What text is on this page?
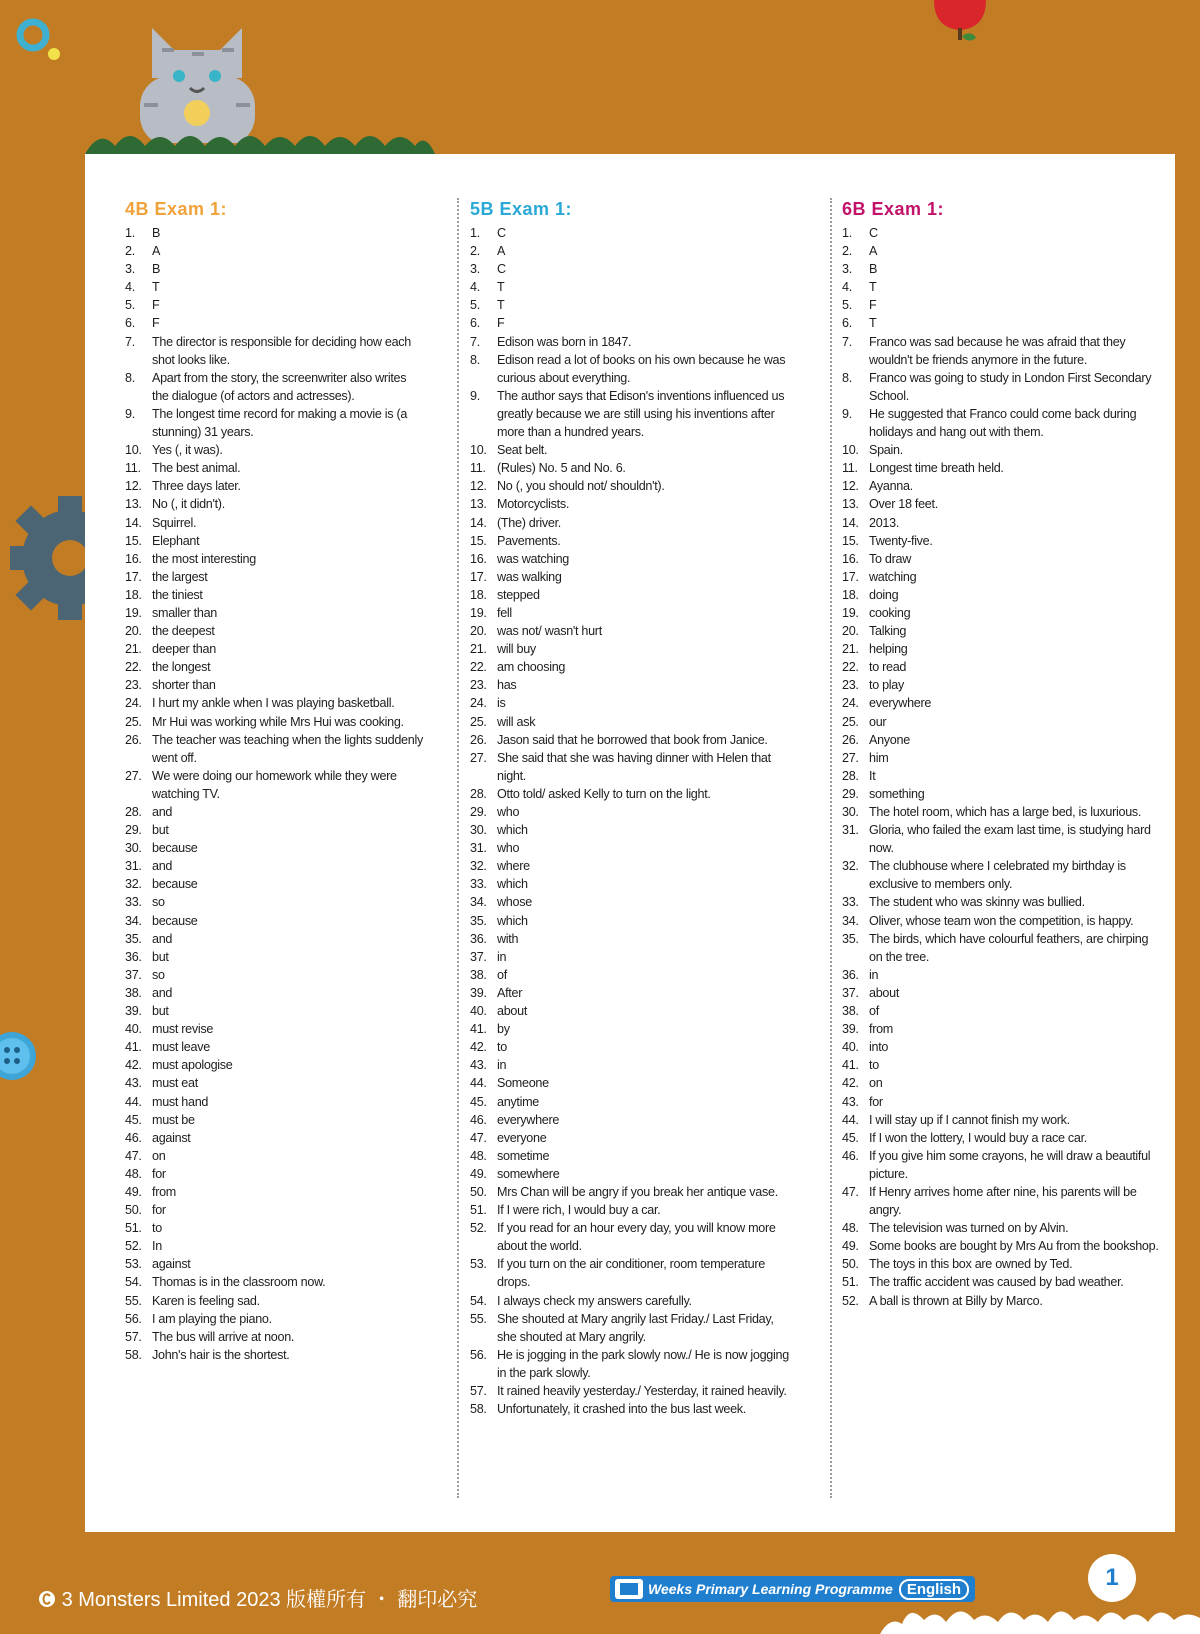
4B Exam 1:
1.	B
2.	A
3.	B
4.	T
5.	F
6.	F
7.	The director is responsible for deciding how each shot looks like.
8.	Apart from the story, the screenwriter also writes the dialogue (of actors and actresses).
9.	The longest time record for making a movie is (a stunning) 31 years.
10. Yes (, it was).
11. The best animal.
12. Three days later.
13. No (, it didn't).
14. Squirrel.
15. Elephant
16. the most interesting
17. the largest
18. the tiniest
19. smaller than
20. the deepest
21. deeper than
22. the longest
23. shorter than
24. I hurt my ankle when I was playing basketball.
25. Mr Hui was working while Mrs Hui was cooking.
26. The teacher was teaching when the lights suddenly went off.
27. We were doing our homework while they were watching TV.
28. and
29. but
30. because
31. and
32. because
33. so
34. because
35. and
36. but
37. so
38. and
39. but
40. must revise
41. must leave
42. must apologise
43. must eat
44. must hand
45. must be
46. against
47. on
48. for
49. from
50. for
51. to
52. In
53. against
54. Thomas is in the classroom now.
55. Karen is feeling sad.
56. I am playing the piano.
57. The bus will arrive at noon.
58. John's hair is the shortest.
5B Exam 1:
1.	C
2.	A
3.	C
4.	T
5.	T
6.	F
7.	Edison was born in 1847.
8.	Edison read a lot of books on his own because he was curious about everything.
9.	The author says that Edison's inventions influenced us greatly because we are still using his inventions after more than a hundred years.
10. Seat belt.
11. (Rules) No. 5 and No. 6.
12. No (, you should not/ shouldn't).
13. Motorcyclists.
14. (The) driver.
15. Pavements.
16. was watching
17. was walking
18. stepped
19. fell
20. was not/ wasn't hurt
21. will buy
22. am choosing
23. has
24. is
25. will ask
26. Jason said that he borrowed that book from Janice.
27. She said that she was having dinner with Helen that night.
28. Otto told/ asked Kelly to turn on the light.
29. who
30. which
31. who
32. where
33. which
34. whose
35. which
36. with
37. in
38. of
39. After
40. about
41. by
42. to
43. in
44. Someone
45. anytime
46. everywhere
47. everyone
48. sometime
49. somewhere
50. Mrs Chan will be angry if you break her antique vase.
51. If I were rich, I would buy a car.
52. If you read for an hour every day, you will know more about the world.
53. If you turn on the air conditioner, room temperature drops.
54. I always check my answers carefully.
55. She shouted at Mary angrily last Friday./ Last Friday, she shouted at Mary angrily.
56. He is jogging in the park slowly now./ He is now jogging in the park slowly.
57. It rained heavily yesterday./ Yesterday, it rained heavily.
58. Unfortunately, it crashed into the bus last week.
6B Exam 1:
1.	C
2.	A
3.	B
4.	T
5.	F
6.	T
7.	Franco was sad because he was afraid that they wouldn't be friends anymore in the future.
8.	Franco was going to study in London First Secondary School.
9.	He suggested that Franco could come back during holidays and hang out with them.
10. Spain.
11. Longest time breath held.
12. Ayanna.
13. Over 18 feet.
14. 2013.
15. Twenty-five.
16. To draw
17. watching
18. doing
19. cooking
20. Talking
21. helping
22. to read
23. to play
24. everywhere
25. our
26. Anyone
27. him
28. It
29. something
30. The hotel room, which has a large bed, is luxurious.
31. Gloria, who failed the exam last time, is studying hard now.
32. The clubhouse where I celebrated my birthday is exclusive to members only.
33. The student who was skinny was bullied.
34. Oliver, whose team won the competition, is happy.
35. The birds, which have colourful feathers, are chirping on the tree.
36. in
37. about
38. of
39. from
40. into
41. to
42. on
43. for
44. I will stay up if I cannot finish my work.
45. If I won the lottery, I would buy a race car.
46. If you give him some crayons, he will draw a beautiful picture.
47. If Henry arrives home after nine, his parents will be angry.
48. The television was turned on by Alvin.
49. Some books are bought by Mrs Au from the bookshop.
50. The toys in this box are owned by Ted.
51. The traffic accident was caused by bad weather.
52. A ball is thrown at Billy by Marco.
3 Monsters Limited 2023 版權所有 ・ 翻印必究	Weeks Primary Learning Programme English	1
